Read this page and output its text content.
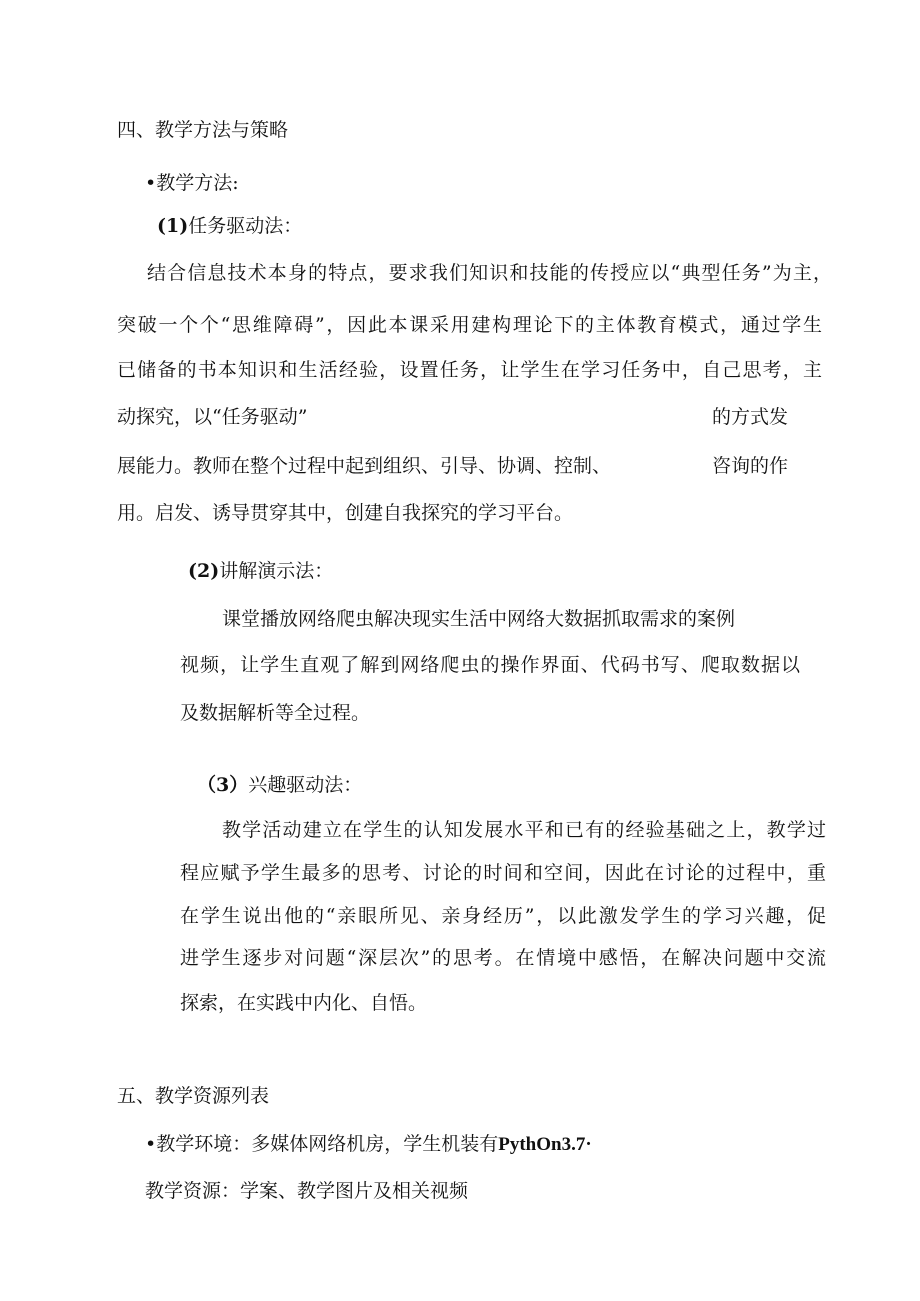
四、教学方法与策略
•教学方法:
(1)任务驱动法：

结合信息技术本身的特点，要求我们知识和技能的传授应以“典型任务”为主，

突破一个个“思维障碍”，因此本课采用建构理论下的主体教育模式，通过学生

已储备的书本知识和生活经验，设置任务，让学生在学习任务中，自己思考，主

动探究，以“任务驱动”	的方式发
展能力。教师在整个过程中起到组织、引导、协调、控制、	咨询的作
用。启发、诱导贯穿其中，创建自我探究的学习平台。
(2)讲解演示法：
课堂播放网络爬虫解决现实生活中网络大数据抓取需求的案例

视频，让学生直观了解到网络爬虫的操作界面、代码书写、爬取数据以

及数据解析等全过程。
（3）兴趣驱动法：

教学活动建立在学生的认知发展水平和已有的经验基础之上，教学过

程应赋予学生最多的思考、讨论的时间和空间，因此在讨论的过程中，重

在学生说出他的“亲眼所见、亲身经历”，以此激发学生的学习兴趣，促

进学生逐步对问题“深层次”的思考。在情境中感悟，在解决问题中交流

探索，在实践中内化、自悟。
五、教学资源列表
•教学环境：多媒体网络机房，学生机装有PythOn3.7·
教学资源：学案、教学图片及相关视频
